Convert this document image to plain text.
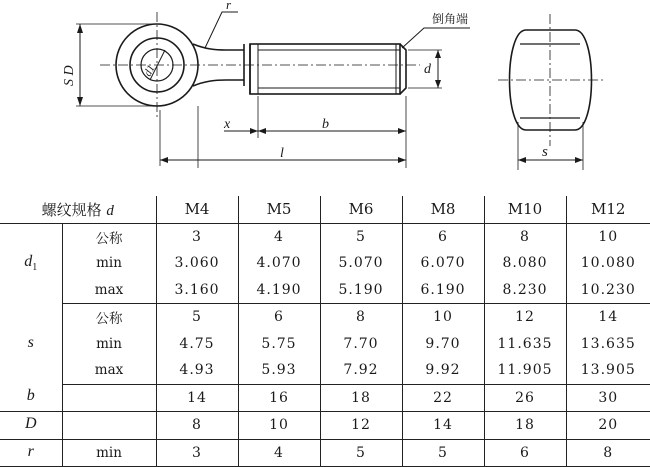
r
d1
S D
倒角端
d
x	b
l	s
螺纹规格 d		M4	M5	M6	M8	M10	M12
$d_1$	公称	3	4	5	6	8	10
	min	3.060	4.070	5.070	6.070	8.080	10.080
	max	3.160	4.190	5.190	6.190	8.230	10.230
s	公称	5	6	8	10	12	14
	min	4.75	5.75	7.70	9.70	11.635	13.635
	max	4.93	5.93	7.92	9.92	11.905	13.905
b		14	16	18	22	26	30
D		8	10	12	14	18	20
r	min	3	4	5	5	6	8
